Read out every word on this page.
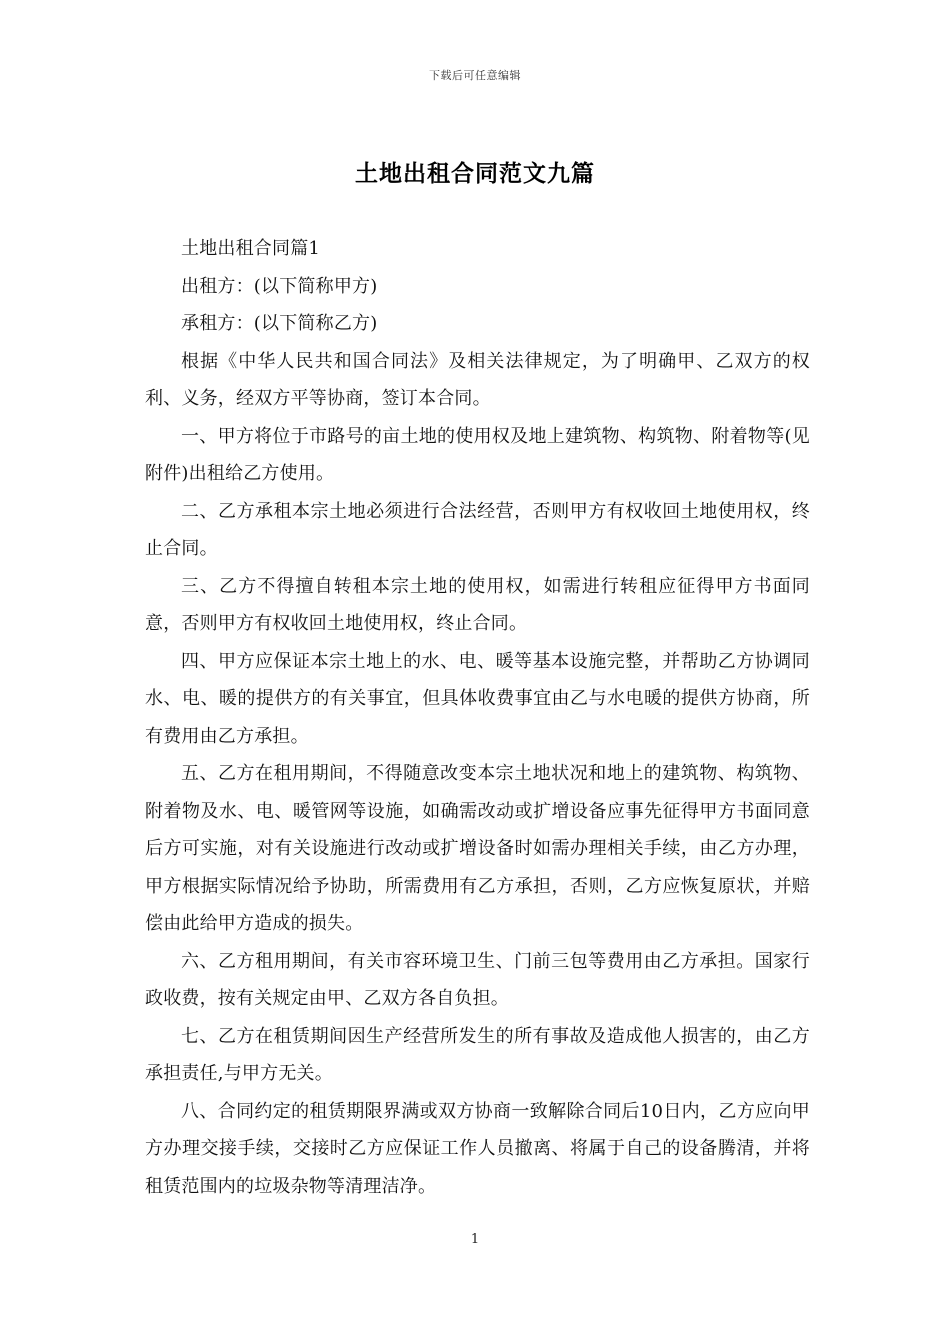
下载后可任意编辑
土地出租合同范文九篇

土地出租合同篇1

出租方：(以下简称甲方)

承租方：(以下简称乙方)

根据《中华人民共和国合同法》及相关法律规定，为了明确甲、乙双方的权利、义务，经双方平等协商，签订本合同。

一、甲方将位于市路号的亩土地的使用权及地上建筑物、构筑物、附着物等(见附件)出租给乙方使用。

二、乙方承租本宗土地必须进行合法经营，否则甲方有权收回土地使用权，终止合同。

三、乙方不得擅自转租本宗土地的使用权，如需进行转租应征得甲方书面同意，否则甲方有权收回土地使用权，终止合同。

四、甲方应保证本宗土地上的水、电、暖等基本设施完整，并帮助乙方协调同水、电、暖的提供方的有关事宜，但具体收费事宜由乙与水电暖的提供方协商，所有费用由乙方承担。

五、乙方在租用期间，不得随意改变本宗土地状况和地上的建筑物、构筑物、附着物及水、电、暖管网等设施，如确需改动或扩增设备应事先征得甲方书面同意后方可实施，对有关设施进行改动或扩增设备时如需办理相关手续，由乙方办理，甲方根据实际情况给予协助，所需费用有乙方承担，否则，乙方应恢复原状，并赔偿由此给甲方造成的损失。

六、乙方租用期间，有关市容环境卫生、门前三包等费用由乙方承担。国家行政收费，按有关规定由甲、乙双方各自负担。

七、乙方在租赁期间因生产经营所发生的所有事故及造成他人损害的，由乙方承担责任,与甲方无关。

八、合同约定的租赁期限界满或双方协商一致解除合同后10日内，乙方应向甲方办理交接手续，交接时乙方应保证工作人员撤离、将属于自己的设备腾清，并将租赁范围内的垃圾杂物等清理洁净。

1
